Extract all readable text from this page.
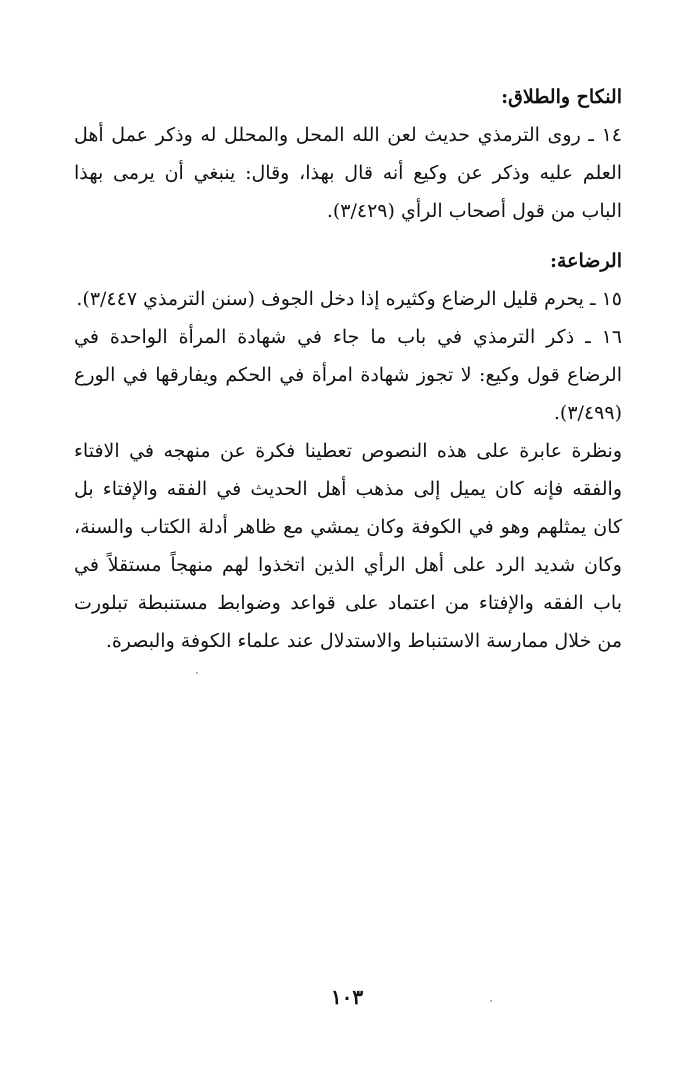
النكاح والطلاق:

١٤ ـ روى الترمذي حديث لعن الله المحل والمحلل له وذكر عمل أهل العلم عليه وذكر عن وكيع أنه قال بهذا، وقال: ينبغي أن يرمى بهذا الباب من قول أصحاب الرأي (٣/٤٢٩).

الرضاعة:

١٥ ـ يحرم قليل الرضاع وكثيره إذا دخل الجوف (سنن الترمذي ٣/٤٤٧).

١٦ ـ ذكر الترمذي في باب ما جاء في شهادة المرأة الواحدة في الرضاع قول وكيع: لا تجوز شهادة امرأة في الحكم ويفارقها في الورع (٣/٤٩٩).

ونظرة عابرة على هذه النصوص تعطينا فكرة عن منهجه في الافتاء والفقه فإنه كان يميل إلى مذهب أهل الحديث في الفقه والإفتاء بل كان يمثلهم وهو في الكوفة وكان يمشي مع ظاهر أدلة الكتاب والسنة، وكان شديد الرد على أهل الرأي الذين اتخذوا لهم منهجاً مستقلاً في باب الفقه والإفتاء من اعتماد على قواعد وضوابط مستنبطة تبلورت من خلال ممارسة الاستنباط والاستدلال عند علماء الكوفة والبصرة.

١٠٣
